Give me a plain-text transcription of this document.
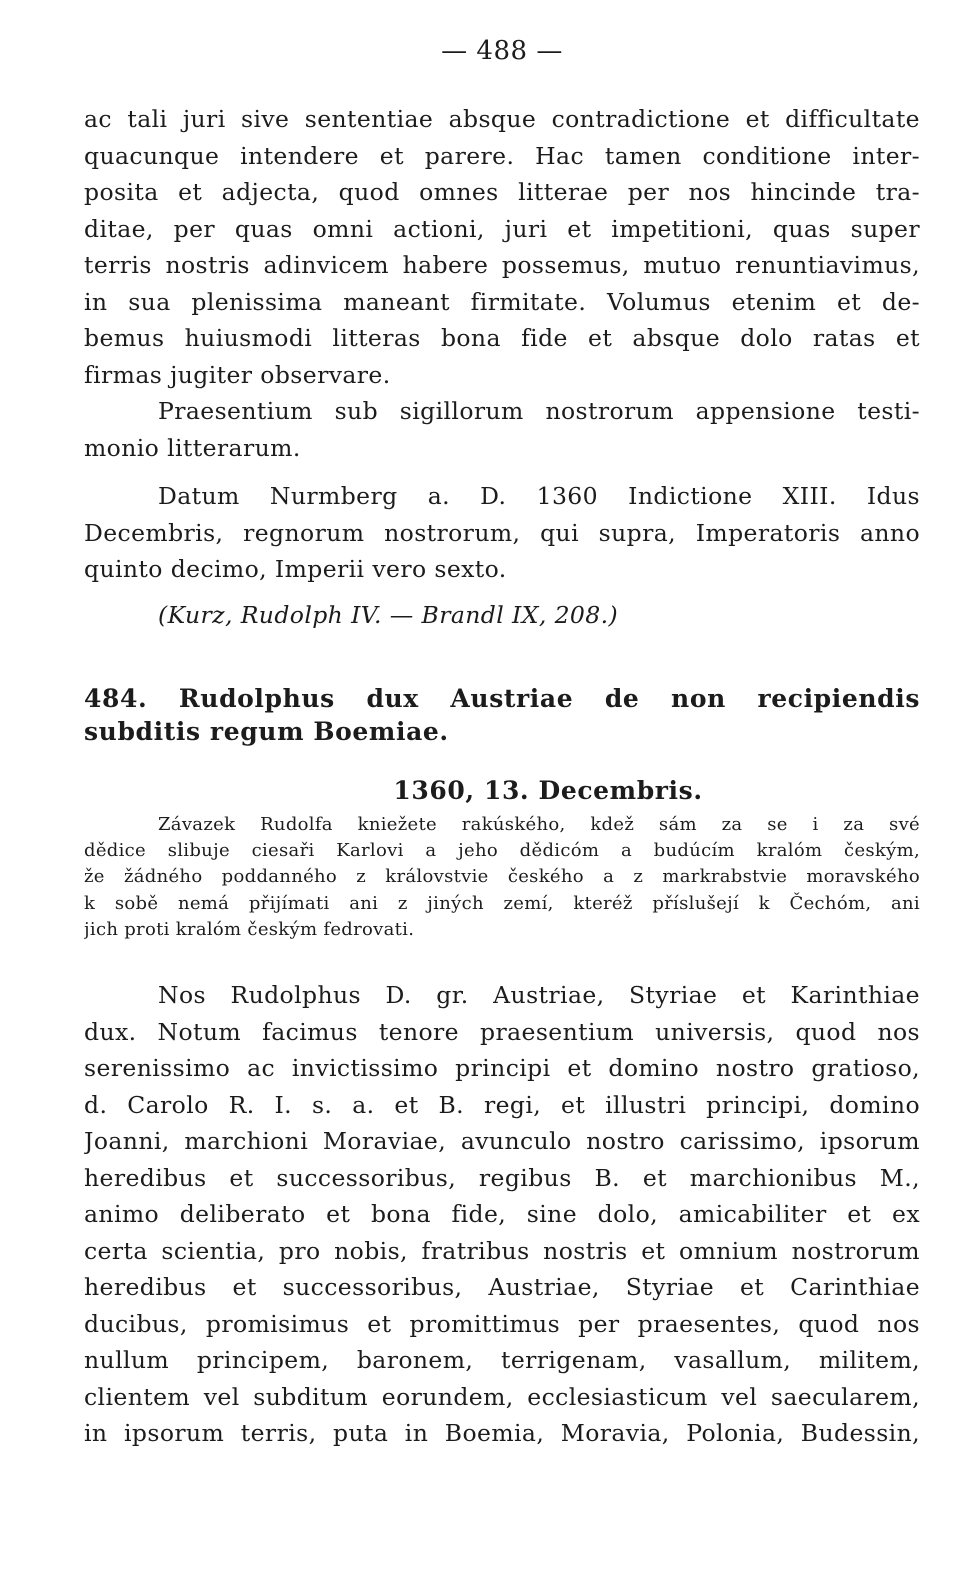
— 488 —
ac tali juri sive sententiae absque contradictione et difficultate
quacunque intendere et parere. Hac tamen conditione inter-
posita et adjecta, quod omnes litterae per nos hincinde tra-
ditae, per quas omni actioni, juri et impetitioni, quas super
terris nostris adinvicem habere possemus, mutuo renuntiavimus,
in sua plenissima maneant firmitate. Volumus etenim et de-
bemus huiusmodi litteras bona fide et absque dolo ratas et
firmas jugiter observare.
Praesentium sub sigillorum nostrorum appensione testi-
monio litterarum.
Datum Nurmberg a. D. 1360 Indictione XIII. Idus
Decembris, regnorum nostrorum, qui supra, Imperatoris anno
quinto decimo, Imperii vero sexto.
(Kurz, Rudolph IV. — Brandl IX, 208.)
484. Rudolphus dux Austriae de non recipiendis
subditis regum Boemiae.
1360, 13. Decembris.
Závazek Rudolfa kniežete rakúského, kdež sám za se i za své
dědice slibuje ciesaři Karlovi a jeho dědicóm a budúcím kralóm českým,
že žádného poddanného z královstvie českého a z markrabstvie moravského
k sobě nemá přijímati ani z jiných zemí, kteréž příslušejí k Čechóm, ani
jich proti kralóm českým fedrovati.
Nos Rudolphus D. gr. Austriae, Styriae et Karinthiae
dux. Notum facimus tenore praesentium universis, quod nos
serenissimo ac invictissimo principi et domino nostro gratioso,
d. Carolo R. I. s. a. et B. regi, et illustri principi, domino
Joanni, marchioni Moraviae, avunculo nostro carissimo, ipsorum
heredibus et successoribus, regibus B. et marchionibus M.,
animo deliberato et bona fide, sine dolo, amicabiliter et ex
certa scientia, pro nobis, fratribus nostris et omnium nostrorum
heredibus et successoribus, Austriae, Styriae et Carinthiae
ducibus, promisimus et promittimus per praesentes, quod nos
nullum principem, baronem, terrigenam, vasallum, militem,
clientem vel subditum eorundem, ecclesiasticum vel saecularem,
in ipsorum terris, puta in Boemia, Moravia, Polonia, Budessin,
